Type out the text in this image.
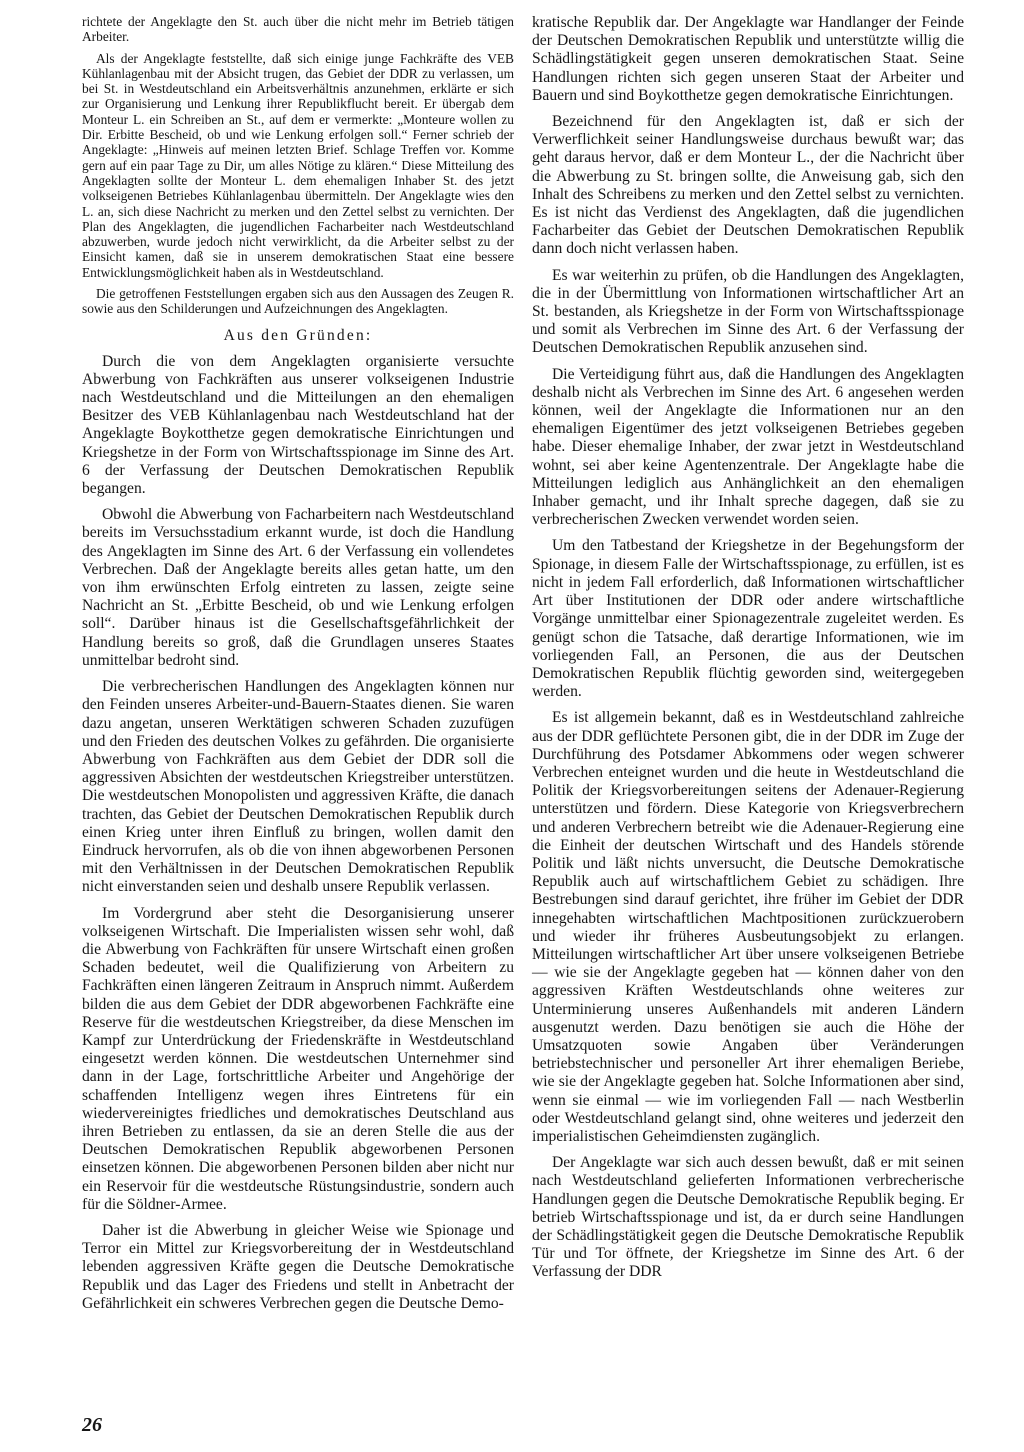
richtete der Angeklagte den St. auch über die nicht mehr im Betrieb tätigen Arbeiter.

Als der Angeklagte feststellte, daß sich einige junge Fachkräfte des VEB Kühlanlagenbau mit der Absicht trugen, das Gebiet der DDR zu verlassen, um bei St. in Westdeutschland ein Arbeitsverhältnis anzunehmen, erklärte er sich zur Organisierung und Lenkung ihrer Republikflucht bereit. Er übergab dem Monteur L. ein Schreiben an St., auf dem er vermerkte: „Monteure wollen zu Dir. Erbitte Bescheid, ob und wie Lenkung erfolgen soll.“ Ferner schrieb der Angeklagte: „Hinweis auf meinen letzten Brief. Schlage Treffen vor. Komme gern auf ein paar Tage zu Dir, um alles Nötige zu klären.“ Diese Mitteilung des Angeklagten sollte der Monteur L. dem ehemaligen Inhaber St. des jetzt volkseigenen Betriebes Kühlanlagenbau übermitteln. Der Angeklagte wies den L. an, sich diese Nachricht zu merken und den Zettel selbst zu vernichten. Der Plan des Angeklagten, die jugendlichen Facharbeiter nach Westdeutschland abzuwerben, wurde jedoch nicht verwirklicht, da die Arbeiter selbst zu der Einsicht kamen, daß sie in unserem demokratischen Staat eine bessere Entwicklungsmöglichkeit haben als in Westdeutschland.

Die getroffenen Feststellungen ergaben sich aus den Aussagen des Zeugen R. sowie aus den Schilderungen und Aufzeichnungen des Angeklagten.

Aus den Gründen:

Durch die von dem Angeklagten organisierte versuchte Abwerbung von Fachkräften aus unserer volkseigenen Industrie nach Westdeutschland und die Mitteilungen an den ehemaligen Besitzer des VEB Kühlanlagenbau nach Westdeutschland hat der Angeklagte Boykotthetze gegen demokratische Einrichtungen und Kriegshetze in der Form von Wirtschaftsspionage im Sinne des Art. 6 der Verfassung der Deutschen Demokratischen Republik begangen.

Obwohl die Abwerbung von Facharbeitern nach Westdeutschland bereits im Versuchsstadium erkannt wurde, ist doch die Handlung des Angeklagten im Sinne des Art. 6 der Verfassung ein vollendetes Verbrechen. Daß der Angeklagte bereits alles getan hatte, um den von ihm erwünschten Erfolg eintreten zu lassen, zeigte seine Nachricht an St. „Erbitte Bescheid, ob und wie Lenkung erfolgen soll“. Darüber hinaus ist die Gesellschaftsgefährlichkeit der Handlung bereits so groß, daß die Grundlagen unseres Staates unmittelbar bedroht sind.

Die verbrecherischen Handlungen des Angeklagten können nur den Feinden unseres Arbeiter-und-Bauern-Staates dienen. Sie waren dazu angetan, unseren Werktätigen schweren Schaden zuzufügen und den Frieden des deutschen Volkes zu gefährden. Die organisierte Abwerbung von Fachkräften aus dem Gebiet der DDR soll die aggressiven Absichten der westdeutschen Kriegstreiber unterstützen. Die westdeutschen Monopolisten und aggressiven Kräfte, die danach trachten, das Gebiet der Deutschen Demokratischen Republik durch einen Krieg unter ihren Einfluß zu bringen, wollen damit den Eindruck hervorrufen, als ob die von ihnen abgeworbenen Personen mit den Verhältnissen in der Deutschen Demokratischen Republik nicht einverstanden seien und deshalb unsere Republik verlassen.

Im Vordergrund aber steht die Desorganisierung unserer volkseigenen Wirtschaft. Die Imperialisten wissen sehr wohl, daß die Abwerbung von Fachkräften für unsere Wirtschaft einen großen Schaden bedeutet, weil die Qualifizierung von Arbeitern zu Fachkräften einen längeren Zeitraum in Anspruch nimmt. Außerdem bilden die aus dem Gebiet der DDR abgeworbenen Fachkräfte eine Reserve für die westdeutschen Kriegstreiber, da diese Menschen im Kampf zur Unterdrückung der Friedenskräfte in Westdeutschland eingesetzt werden können. Die westdeutschen Unternehmer sind dann in der Lage, fortschrittliche Arbeiter und Angehörige der schaffenden Intelligenz wegen ihres Eintretens für ein wiedervereinigtes friedliches und demokratisches Deutschland aus ihren Betrieben zu entlassen, da sie an deren Stelle die aus der Deutschen Demokratischen Republik abgeworbenen Personen einsetzen können. Die abgeworbenen Personen bilden aber nicht nur ein Reservoir für die westdeutsche Rüstungsindustrie, sondern auch für die Söldner-Armee.

Daher ist die Abwerbung in gleicher Weise wie Spionage und Terror ein Mittel zur Kriegsvorbereitung der in Westdeutschland lebenden aggressiven Kräfte gegen die Deutsche Demokratische Republik und das Lager des Friedens und stellt in Anbetracht der Gefährlichkeit ein schweres Verbrechen gegen die Deutsche Demo-

kratische Republik dar. Der Angeklagte war Handlanger der Feinde der Deutschen Demokratischen Republik und unterstützte willig die Schädlingstätigkeit gegen unseren demokratischen Staat. Seine Handlungen richten sich gegen unseren Staat der Arbeiter und Bauern und sind Boykotthetze gegen demokratische Einrichtungen.

Bezeichnend für den Angeklagten ist, daß er sich der Verwerflichkeit seiner Handlungsweise durchaus bewußt war; das geht daraus hervor, daß er dem Monteur L., der die Nachricht über die Abwerbung zu St. bringen sollte, die Anweisung gab, sich den Inhalt des Schreibens zu merken und den Zettel selbst zu vernichten. Es ist nicht das Verdienst des Angeklagten, daß die jugendlichen Facharbeiter das Gebiet der Deutschen Demokratischen Republik dann doch nicht verlassen haben.

Es war weiterhin zu prüfen, ob die Handlungen des Angeklagten, die in der Übermittlung von Informationen wirtschaftlicher Art an St. bestanden, als Kriegshetze in der Form von Wirtschaftsspionage und somit als Verbrechen im Sinne des Art. 6 der Verfassung der Deutschen Demokratischen Republik anzusehen sind.

Die Verteidigung führt aus, daß die Handlungen des Angeklagten deshalb nicht als Verbrechen im Sinne des Art. 6 angesehen werden können, weil der Angeklagte die Informationen nur an den ehemaligen Eigentümer des jetzt volkseigenen Betriebes gegeben habe. Dieser ehemalige Inhaber, der zwar jetzt in Westdeutschland wohnt, sei aber keine Agentenzentrale. Der Angeklagte habe die Mitteilungen lediglich aus Anhänglichkeit an den ehemaligen Inhaber gemacht, und ihr Inhalt spreche dagegen, daß sie zu verbrecherischen Zwecken verwendet worden seien.

Um den Tatbestand der Kriegshetze in der Begehungsform der Spionage, in diesem Falle der Wirtschaftsspionage, zu erfüllen, ist es nicht in jedem Fall erforderlich, daß Informationen wirtschaftlicher Art über Institutionen der DDR oder andere wirtschaftliche Vorgänge unmittelbar einer Spionagezentrale zugeleitet werden. Es genügt schon die Tatsache, daß derartige Informationen, wie im vorliegenden Fall, an Personen, die aus der Deutschen Demokratischen Republik flüchtig geworden sind, weitergegeben werden.

Es ist allgemein bekannt, daß es in Westdeutschland zahlreiche aus der DDR geflüchtete Personen gibt, die in der DDR im Zuge der Durchführung des Potsdamer Abkommens oder wegen schwerer Verbrechen enteignet wurden und die heute in Westdeutschland die Politik der Kriegsvorbereitungen seitens der Adenauer-Regierung unterstützen und fördern. Diese Kategorie von Kriegsverbrechern und anderen Verbrechern betreibt wie die Adenauer-Regierung eine die Einheit der deutschen Wirtschaft und des Handels störende Politik und läßt nichts unversucht, die Deutsche Demokratische Republik auch auf wirtschaftlichem Gebiet zu schädigen. Ihre Bestrebungen sind darauf gerichtet, ihre früher im Gebiet der DDR innegehabten wirtschaftlichen Machtpositionen zurückzuerobern und wieder ihr früheres Ausbeutungsobjekt zu erlangen. Mitteilungen wirtschaftlicher Art über unsere volkseigenen Betriebe — wie sie der Angeklagte gegeben hat — können daher von den aggressiven Kräften Westdeutschlands ohne weiteres zur Unterminierung unseres Außenhandels mit anderen Ländern ausgenutzt werden. Dazu benötigen sie auch die Höhe der Umsatzquoten sowie Angaben über Veränderungen betriebstechnischer und personeller Art ihrer ehemaligen Beriebe, wie sie der Angeklagte gegeben hat. Solche Informationen aber sind, wenn sie einmal — wie im vorliegenden Fall — nach Westberlin oder Westdeutschland gelangt sind, ohne weiteres und jederzeit den imperialistischen Geheimdiensten zugänglich.

Der Angeklagte war sich auch dessen bewußt, daß er mit seinen nach Westdeutschland gelieferten Informationen verbrecherische Handlungen gegen die Deutsche Demokratische Republik beging. Er betrieb Wirtschaftsspionage und ist, da er durch seine Handlungen der Schädlingstätigkeit gegen die Deutsche Demokratische Republik Tür und Tor öffnete, der Kriegshetze im Sinne des Art. 6 der Verfassung der DDR

26
